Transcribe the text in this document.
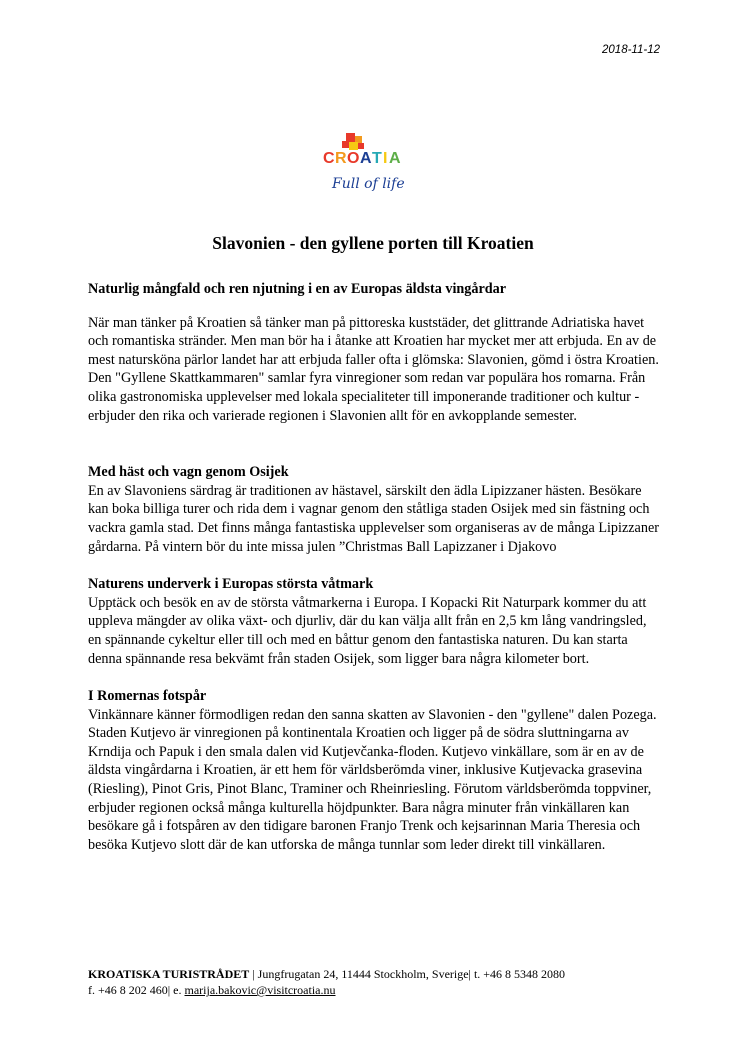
2018-11-12
C R O A T I A
Full of life
Slavonien - den gyllene porten till Kroatien
Naturlig mångfald och ren njutning i en av Europas äldsta vingårdar

När man tänker på Kroatien så tänker man på pittoreska kuststäder, det glittrande Adriatiska havet och romantiska stränder. Men man bör ha i åtanke att Kroatien har mycket mer att erbjuda. En av de mest natursköna pärlor landet har att erbjuda faller ofta i glömska: Slavonien, gömd i östra Kroatien. Den "Gyllene Skattkammaren" samlar fyra vinregioner som redan var populära hos romarna. Från olika gastronomiska upplevelser med lokala specialiteter till imponerande traditioner och kultur - erbjuder den rika och varierade regionen i Slavonien allt för en avkopplande semester.

Med häst och vagn genom Osijek

En av Slavoniens särdrag är traditionen av hästavel, särskilt den ädla Lipizzaner hästen. Besökare kan boka billiga turer och rida dem i vagnar genom den ståtliga staden Osijek med sin fästning och vackra gamla stad. Det finns många fantastiska upplevelser som organiseras av de många Lipizzaner gårdarna. På vintern bör du inte missa julen ”Christmas Ball Lapizzaner i Djakovo

Naturens underverk i Europas största våtmark

Upptäck och besök en av de största våtmarkerna i Europa. I Kopacki Rit Naturpark kommer du att uppleva mängder av olika växt- och djurliv, där du kan välja allt från en 2,5 km lång vandringsled, en spännande cykeltur eller till och med en båttur genom den fantastiska naturen. Du kan starta denna spännande resa bekvämt från staden Osijek, som ligger bara några kilometer bort.

I Romernas fotspår

Vinkännare känner förmodligen redan den sanna skatten av Slavonien - den "gyllene" dalen Pozega. Staden Kutjevo är vinregionen på kontinentala Kroatien och ligger på de södra sluttningarna av Krndija och Papuk i den smala dalen vid Kutjevčanka-floden. Kutjevo vinkällare, som är en av de äldsta vingårdarna i Kroatien, är ett hem för världsberömda viner, inklusive Kutjevacka grasevina (Riesling), Pinot Gris, Pinot Blanc, Traminer och Rheinriesling. Förutom världsberömda toppviner, erbjuder regionen också många kulturella höjdpunkter. Bara några minuter från vinkällaren kan besökare gå i fotspåren av den tidigare baronen Franjo Trenk och kejsarinnan Maria Theresia och besöka Kutjevo slott där de kan utforska de många tunnlar som leder direkt till vinkällaren.

KROATISKA TURISTRÅDET | Jungfrugatan 24, 11444 Stockholm, Sverige| t. +46 8 5348 2080
f. +46 8 202 460| e. marija.bakovic@visitcroatia.nu
